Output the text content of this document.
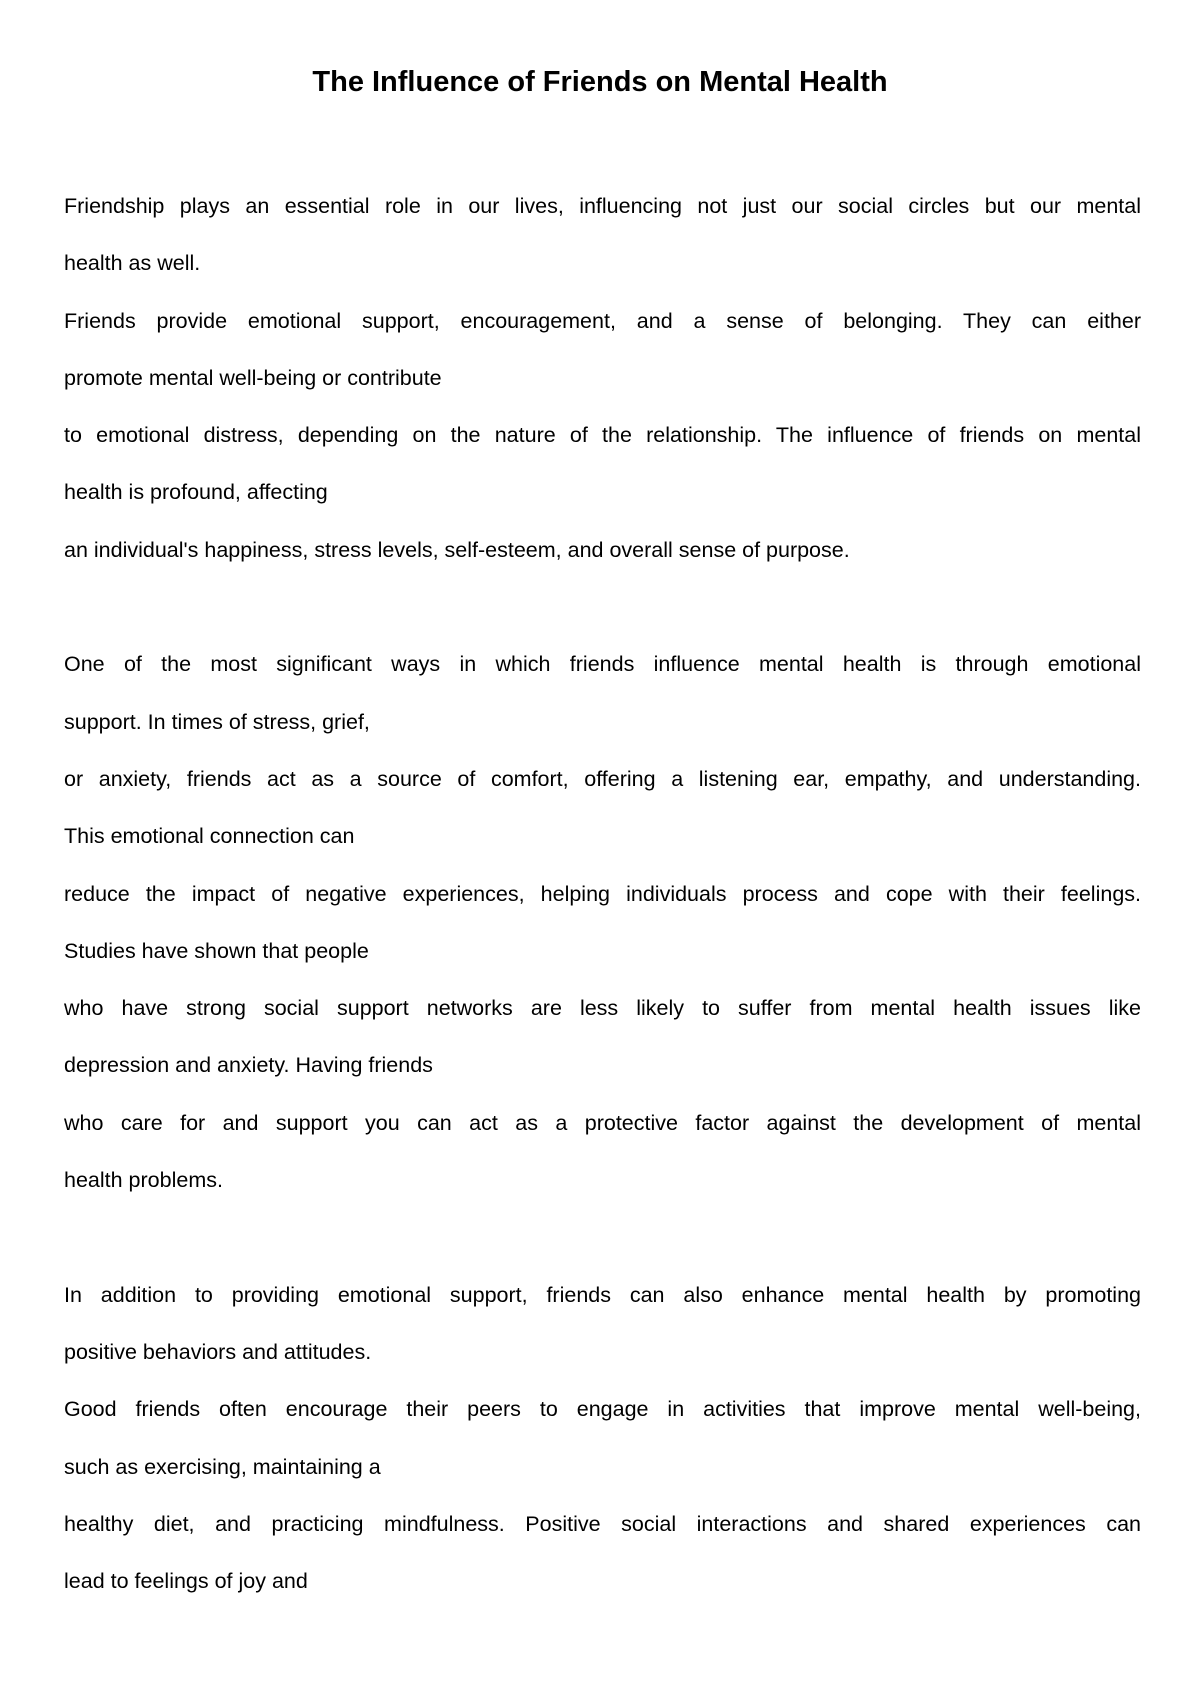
The Influence of Friends on Mental Health
Friendship plays an essential role in our lives, influencing not just our social circles but our mental
health as well.
Friends provide emotional support, encouragement, and a sense of belonging. They can either
promote mental well-being or contribute
to emotional distress, depending on the nature of the relationship. The influence of friends on mental
health is profound, affecting
an individual's happiness, stress levels, self-esteem, and overall sense of purpose.
One of the most significant ways in which friends influence mental health is through emotional
support. In times of stress, grief,
or anxiety, friends act as a source of comfort, offering a listening ear, empathy, and understanding.
This emotional connection can
reduce the impact of negative experiences, helping individuals process and cope with their feelings.
Studies have shown that people
who have strong social support networks are less likely to suffer from mental health issues like
depression and anxiety. Having friends
who care for and support you can act as a protective factor against the development of mental
health problems.
In addition to providing emotional support, friends can also enhance mental health by promoting
positive behaviors and attitudes.
Good friends often encourage their peers to engage in activities that improve mental well-being,
such as exercising, maintaining a
healthy diet, and practicing mindfulness. Positive social interactions and shared experiences can
lead to feelings of joy and
